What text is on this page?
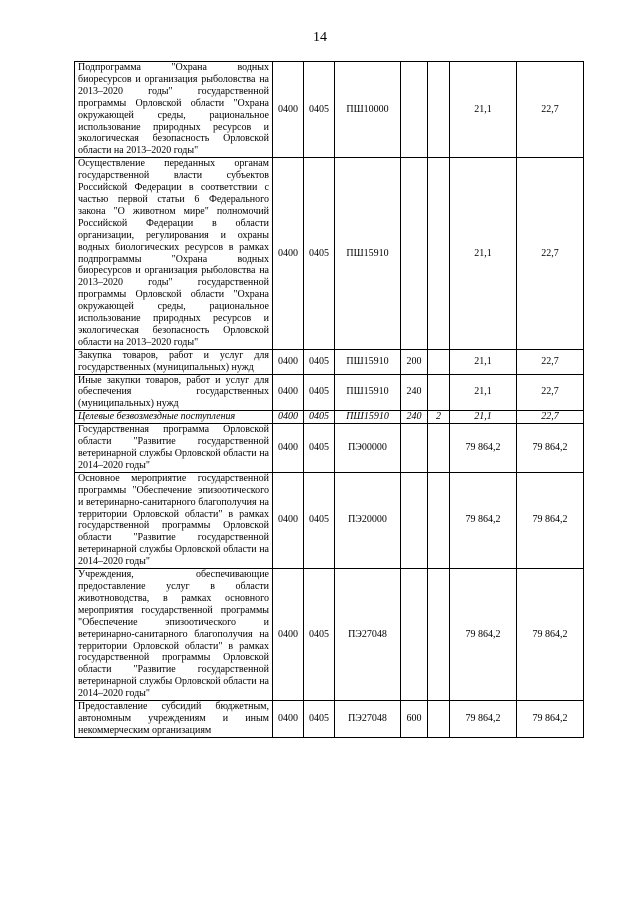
14
Подпрограмма "Охрана водных биоресурсов и организация рыболовства на 2013–2020 годы" государственной программы Орловской области "Охрана окружающей среды, рациональное использование природных ресурсов и экологическая безопасность Орловской области на 2013–2020 годы"	0400	0405	ПШ10000			21,1	22,7
Осуществление переданных органам государственной власти субъектов Российской Федерации в соответствии с частью первой статьи 6 Федерального закона "О животном мире" полномочий Российской Федерации в области организации, регулирования и охраны водных биологических ресурсов в рамках подпрограммы "Охрана водных биоресурсов и организация рыболовства на 2013–2020 годы" государственной программы Орловской области "Охрана окружающей среды, рациональное использование природных ресурсов и экологическая безопасность Орловской области на 2013–2020 годы"	0400	0405	ПШ15910			21,1	22,7
Закупка товаров, работ и услуг для государственных (муниципальных) нужд	0400	0405	ПШ15910	200		21,1	22,7
Иные закупки товаров, работ и услуг для обеспечения государственных (муниципальных) нужд	0400	0405	ПШ15910	240		21,1	22,7
Целевые безвозмездные поступления	0400	0405	ПШ15910	240	2	21,1	22,7
Государственная программа Орловской области "Развитие государственной ветеринарной службы Орловской области на 2014–2020 годы"	0400	0405	ПЭ00000			79 864,2	79 864,2
Основное мероприятие государственной программы "Обеспечение эпизоотического и ветеринарно-санитарного благополучия на территории Орловской области" в рамках государственной программы Орловской области "Развитие государственной ветеринарной службы Орловской области на 2014–2020 годы"	0400	0405	ПЭ20000			79 864,2	79 864,2
Учреждения, обеспечивающие предоставление услуг в области животноводства, в рамках основного мероприятия государственной программы "Обеспечение эпизоотического и ветеринарно-санитарного благополучия на территории Орловской области" в рамках государственной программы Орловской области "Развитие государственной ветеринарной службы Орловской области на 2014–2020 годы"	0400	0405	ПЭ27048			79 864,2	79 864,2
Предоставление субсидий бюджетным, автономным учреждениям и иным некоммерческим организациям	0400	0405	ПЭ27048	600		79 864,2	79 864,2
